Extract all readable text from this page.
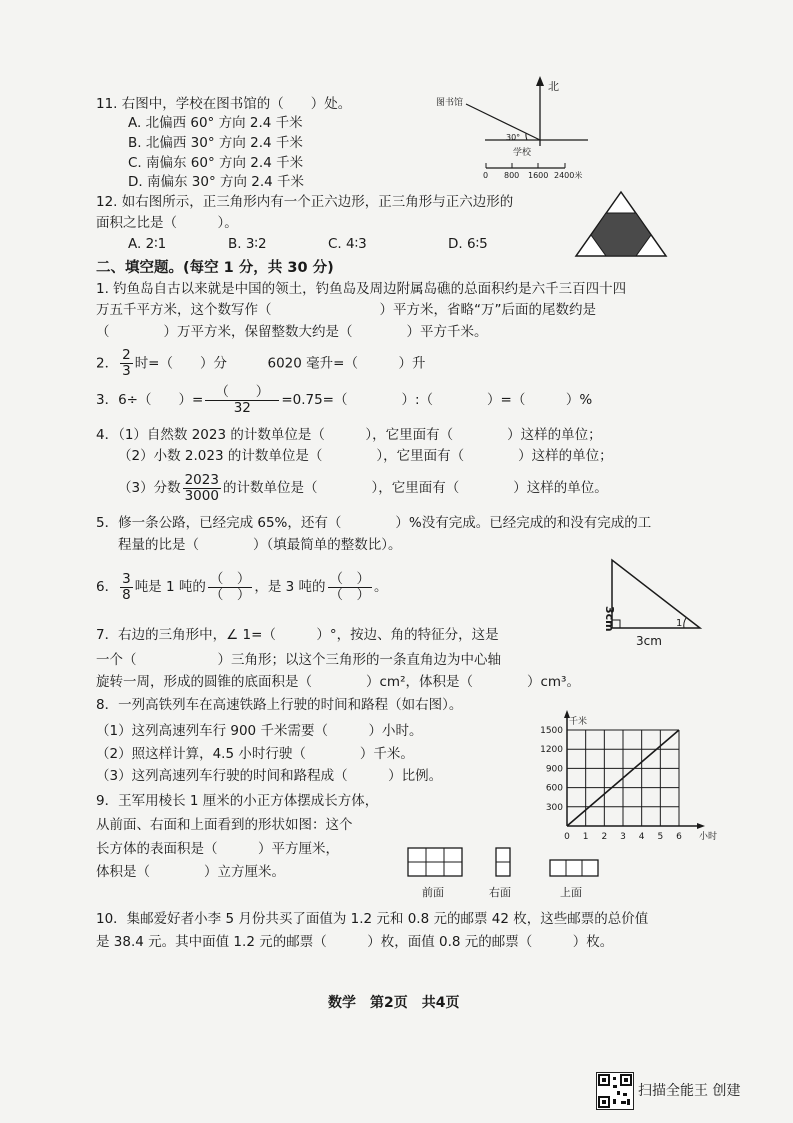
11. 右图中，学校在图书馆的（　　）处。
A. 北偏西 60° 方向 2.4 千米
B. 北偏西 30° 方向 2.4 千米
C. 南偏东 60° 方向 2.4 千米
D. 南偏东 30° 方向 2.4 千米
北
图书馆
学校
30°
0 800 1600 2400米
12. 如右图所示，正三角形内有一个正六边形，正三角形与正六边形的
面积之比是（　　　）。
A. 2∶1	B. 3∶2	C. 4∶3	D. 6∶5
二、填空题。(每空 1 分，共 30 分)
1. 钓鱼岛自古以来就是中国的领土，钓鱼岛及周边附属岛礁的总面积约是六千三百四十四
万五千平方米，这个数写作（　　　　　　　　）平方米，省略“万”后面的尾数约是
（　　　　）万平方米，保留整数大约是（　　　　）平方千米。
2． $\frac{2}{3}$ 时=（　　）分　　　6020 毫升=（　　　）升
3．6÷（　　）= $\frac{( )}{32} =0.75=$（　　　　）:（　　　　）=（　　　）%
4．（1）自然数 2023 的计数单位是（　　　），它里面有（　　　　）这样的单位；
（2）小数 2.023 的计数单位是（　　　　），它里面有（　　　　）这样的单位；
（3）分数 $\frac{2023}{3000}$ 的计数单位是（　　　　），它里面有（　　　　）这样的单位。
5．修一条公路，已经完成 65%，还有（　　　　）%没有完成。已经完成的和没有完成的工
程量的比是（　　　　）（填最简单的整数比）。
6． $\frac{3}{8}$ 吨是 1 吨的 $\frac{( )}{( )}$ ，是 3 吨的 $\frac{( )}{( )}$ 。
1
3cm
3cm
7．右边的三角形中，∠ 1=（　　　）°，按边、角的特征分，这是
一个（　　　　　　）三角形；以这个三角形的一条直角边为中心轴
旋转一周，形成的圆锥的底面积是（　　　　）cm²，体积是（　　　　）cm³。
8．一列高铁列车在高速铁路上行驶的时间和路程（如右图）。
（1）这列高速列车行 900 千米需要（　　　）小时。
（2）照这样计算，4.5 小时行驶（　　　　）千米。
（3）这列高速列车行驶的时间和路程成（　　　）比例。
300
600
900
1200
1500
0 1 2 3 4 5 6
千米
小时
9．王军用棱长 1 厘米的小正方体摆成长方体，
从前面、右面和上面看到的形状如图：这个
长方体的表面积是（　　　）平方厘米，
体积是（　　　　）立方厘米。
前面	右面	上面
10．集邮爱好者小李 5 月份共买了面值为 1.2 元和 0.8 元的邮票 42 枚，这些邮票的总价值
是 38.4 元。其中面值 1.2 元的邮票（　　　）枚，面值 0.8 元的邮票（　　　）枚。
数学　第2页　共4页
扫描全能王 创建
